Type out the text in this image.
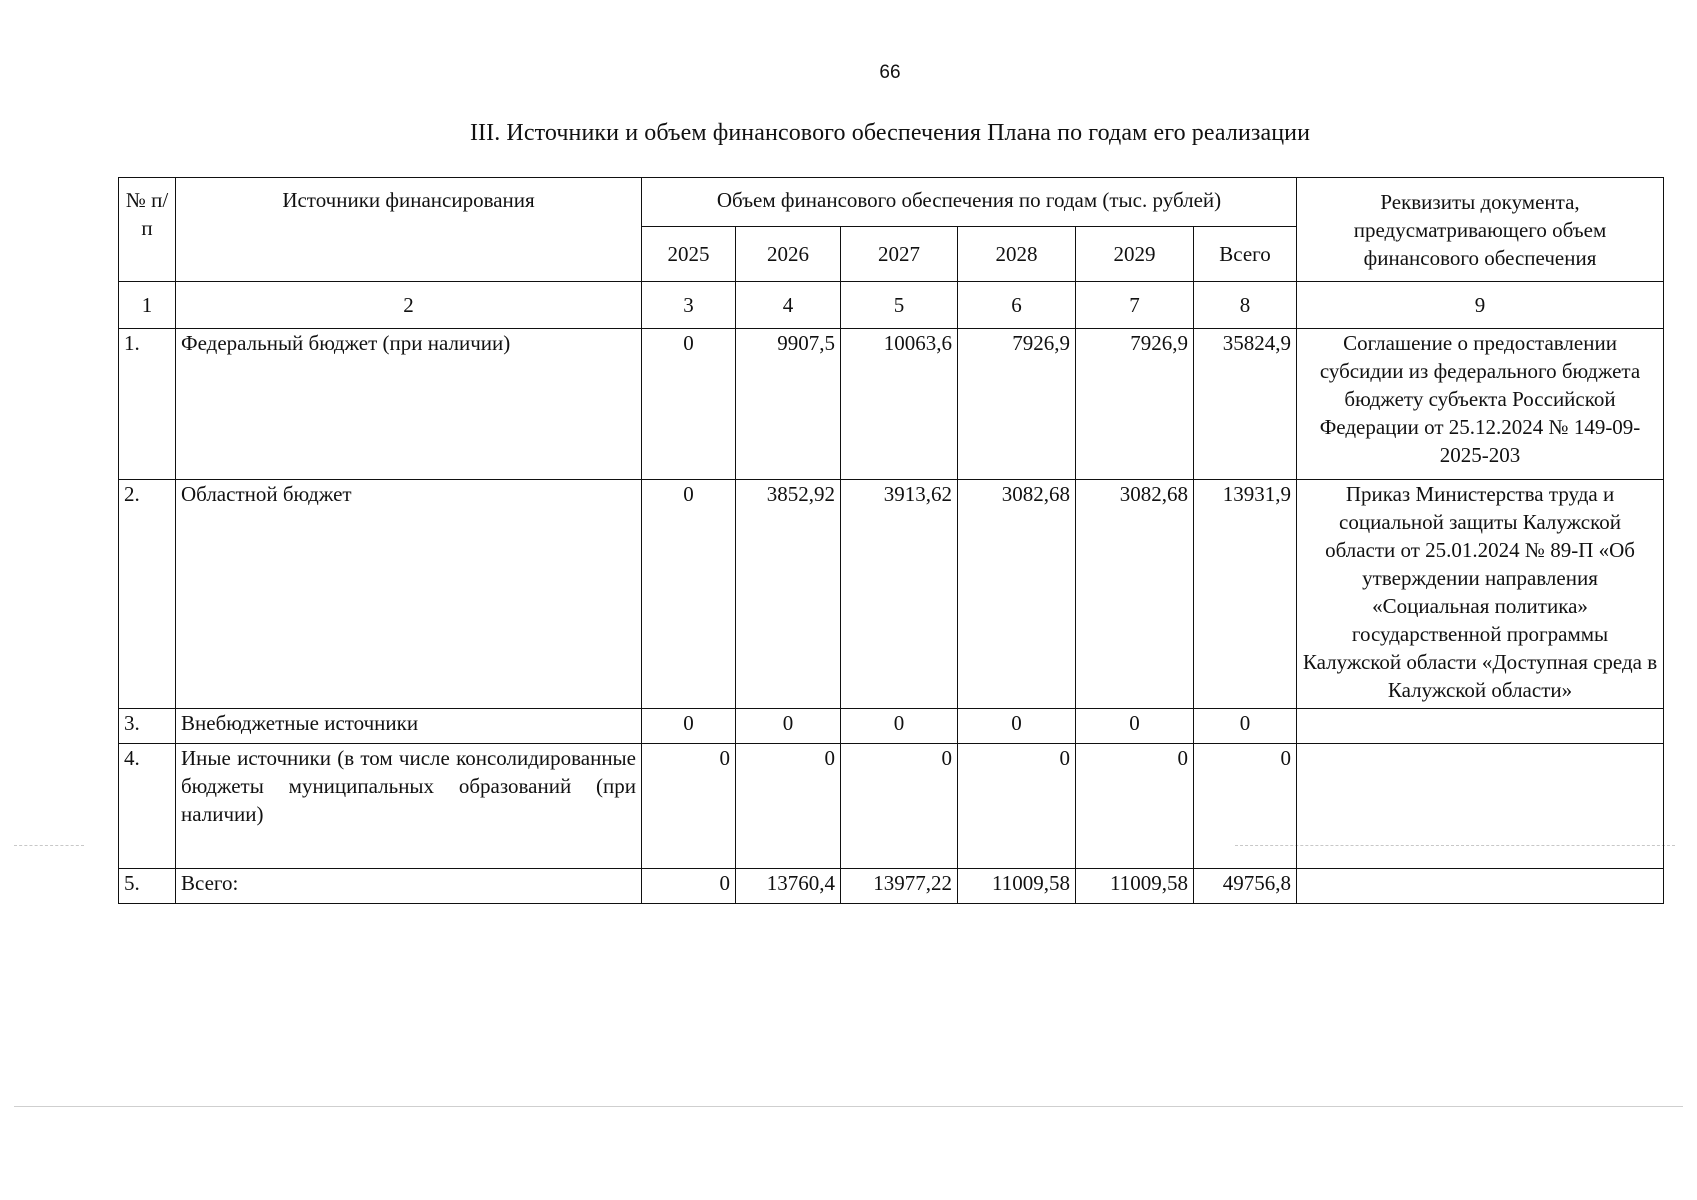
66
III. Источники и объем финансового обеспечения Плана по годам его реализации
№ п/п	Источники финансирования	Объем финансового обеспечения по годам (тыс. рублей)						Реквизиты документа, предусматривающего объем финансового обеспечения
		2025	2026	2027	2028	2029	Всего	
1	2	3	4	5	6	7	8	9
1.	Федеральный бюджет (при наличии)	0	9907,5	10063,6	7926,9	7926,9	35824,9	Соглашение о предоставлении субсидии из федерального бюджета бюджету субъекта Российской Федерации от 25.12.2024 № 149-09-2025-203
2.	Областной бюджет	0	3852,92	3913,62	3082,68	3082,68	13931,9	Приказ Министерства труда и социальной защиты Калужской области от 25.01.2024 № 89-П «Об утверждении направления «Социальная политика» государственной программы Калужской области «Доступная среда в Калужской области»
3.	Внебюджетные источники	0	0	0	0	0	0	
4.	Иные источники (в том числе консолидированные бюджеты муниципальных образований (при наличии)	0	0	0	0	0	0	
5.	Всего:	0	13760,4	13977,22	11009,58	11009,58	49756,8	
